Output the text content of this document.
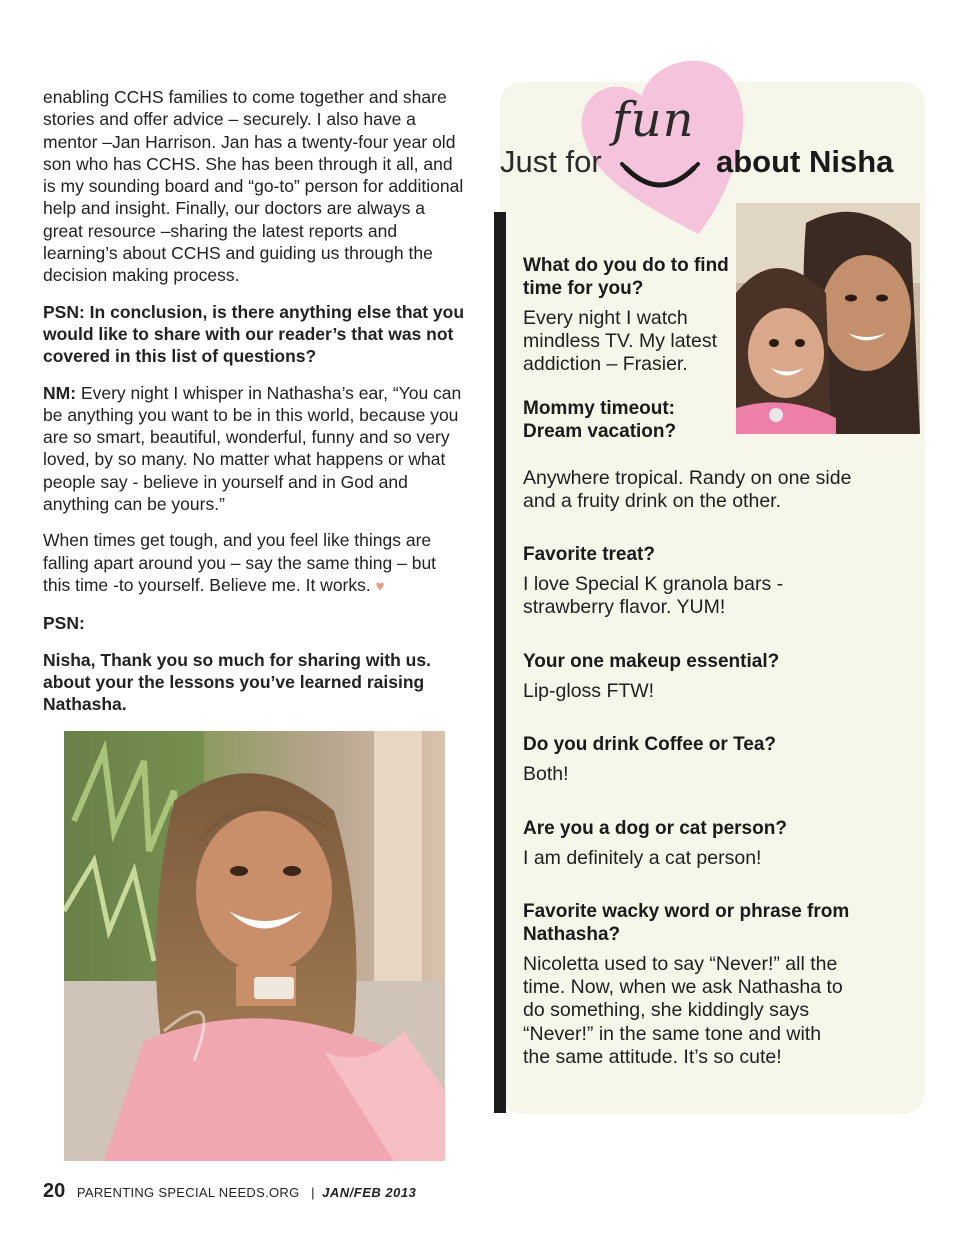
enabling CCHS families to come together and share stories and offer advice – securely. I also have a mentor –Jan Harrison. Jan has a twenty-four year old son who has CCHS. She has been through it all, and is my sounding board and “go-to” person for additional help and insight. Finally, our doctors are always a great resource –sharing the latest reports and learning’s about CCHS and guiding us through the decision making process.

PSN: In conclusion, is there anything else that you would like to share with our reader’s that was not covered in this list of questions?

NM: Every night I whisper in Nathasha’s ear, “You can be anything you want to be in this world, because you are so smart, beautiful, wonderful, funny and so very loved, by so many. No matter what happens or what people say - believe in yourself and in God and anything can be yours.”

When times get tough, and you feel like things are falling apart around you – say the same thing – but this time -to yourself. Believe me. It works. ♥

PSN:

Nisha, Thank you so much for sharing with us. about your the lessons you’ve learned raising Nathasha.

fun
Just for	about Nisha

What do you do to find time for you?

Every night I watch mindless TV. My latest addiction – Frasier.

Mommy timeout: Dream vacation?

Anywhere tropical. Randy on one side and a fruity drink on the other.

Favorite treat?

I love Special K granola bars - strawberry flavor. YUM!

Your one makeup essential?

Lip-gloss FTW!

Do you drink Coffee or Tea?

Both!

Are you a dog or cat person?

I am definitely a cat person!

Favorite wacky word or phrase from Nathasha?

Nicoletta used to say “Never!” all the time. Now, when we ask Nathasha to do something, she kiddingly says “Never!” in the same tone and with the same attitude. It’s so cute!

20 PARENTING SPECIAL NEEDS.ORG | JAN/FEB 2013
